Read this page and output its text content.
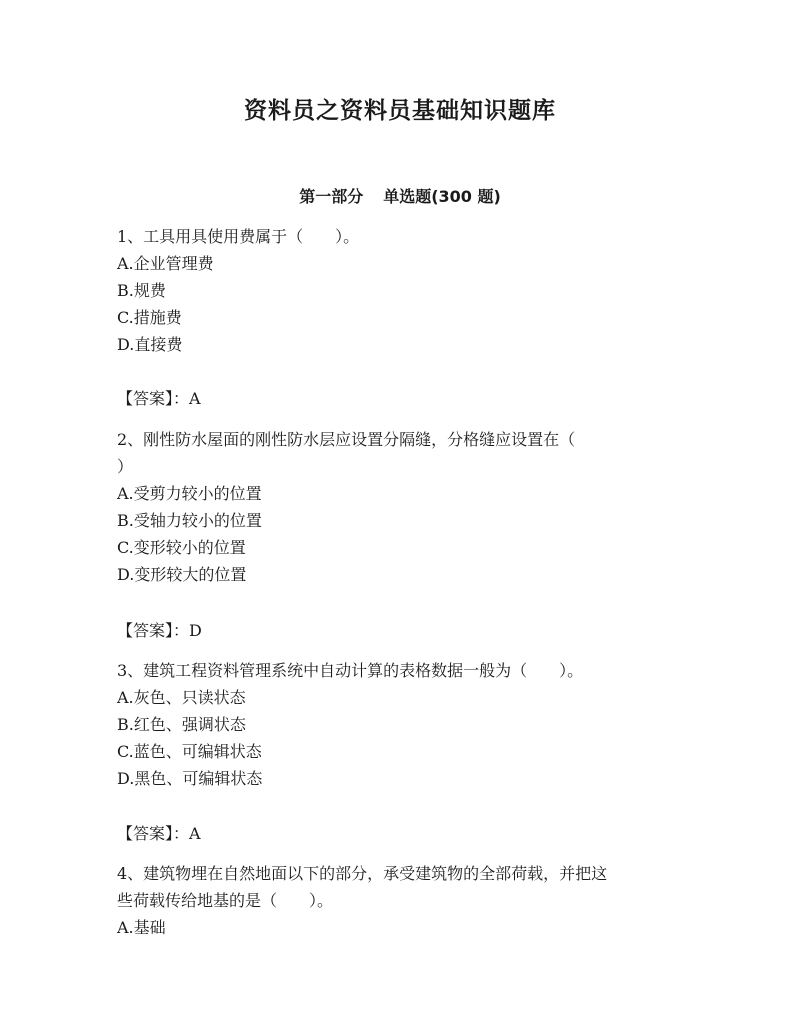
资料员之资料员基础知识题库
第一部分 单选题(300 题)
1、工具用具使用费属于（　　）。
A.企业管理费
B.规费
C.措施费
D.直接费
【答案】：A
2、刚性防水屋面的刚性防水层应设置分隔缝，分格缝应设置在（
）
A.受剪力较小的位置
B.受轴力较小的位置
C.变形较小的位置
D.变形较大的位置
【答案】：D
3、建筑工程资料管理系统中自动计算的表格数据一般为（　　）。
A.灰色、只读状态
B.红色、强调状态
C.蓝色、可编辑状态
D.黑色、可编辑状态
【答案】：A
4、建筑物埋在自然地面以下的部分，承受建筑物的全部荷载，并把这
些荷载传给地基的是（　　）。
A.基础
